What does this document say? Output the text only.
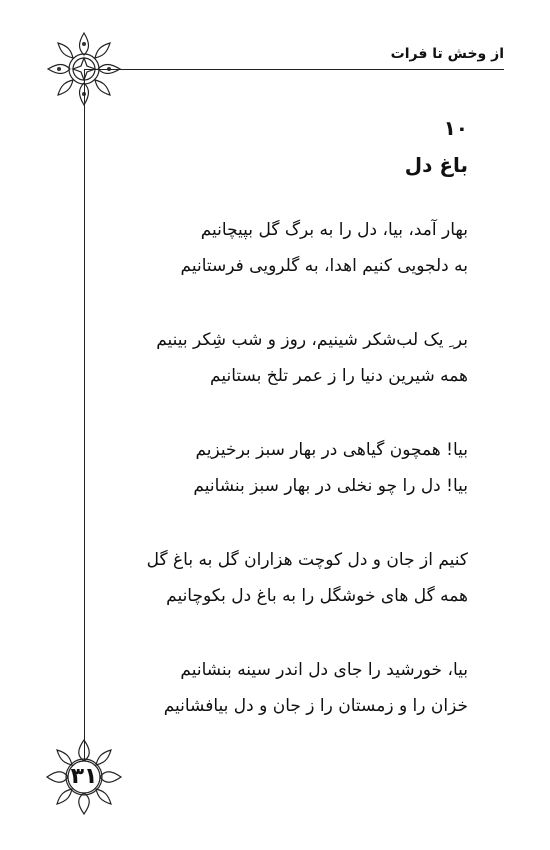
از وخش تا فرات
۱۰
باغ دل
بهار آمد، بیا، دل را به برگ گل بپیچانیم
به دلجویی کنیم اهدا، به گلرویی فرستانیم
بر ِ یک لب‌شکر شینیم، روز و شب شِکر بینیم
همه شیرین دنیا را ز عمر تلخ بستانیم
بیا! همچون گیاهی در بهار سبز برخیزیم
بیا! دل را چو نخلی در بهار سبز بنشانیم
کنیم از جان و دل کوچت هزاران گل به باغ گل
همه گل های خوشگل را به باغ دل بکوچانیم
بیا، خورشید را جای دل اندر سینه بنشانیم
خزان را و زمستان را ز جان و دل بیافشانیم
۳۱
